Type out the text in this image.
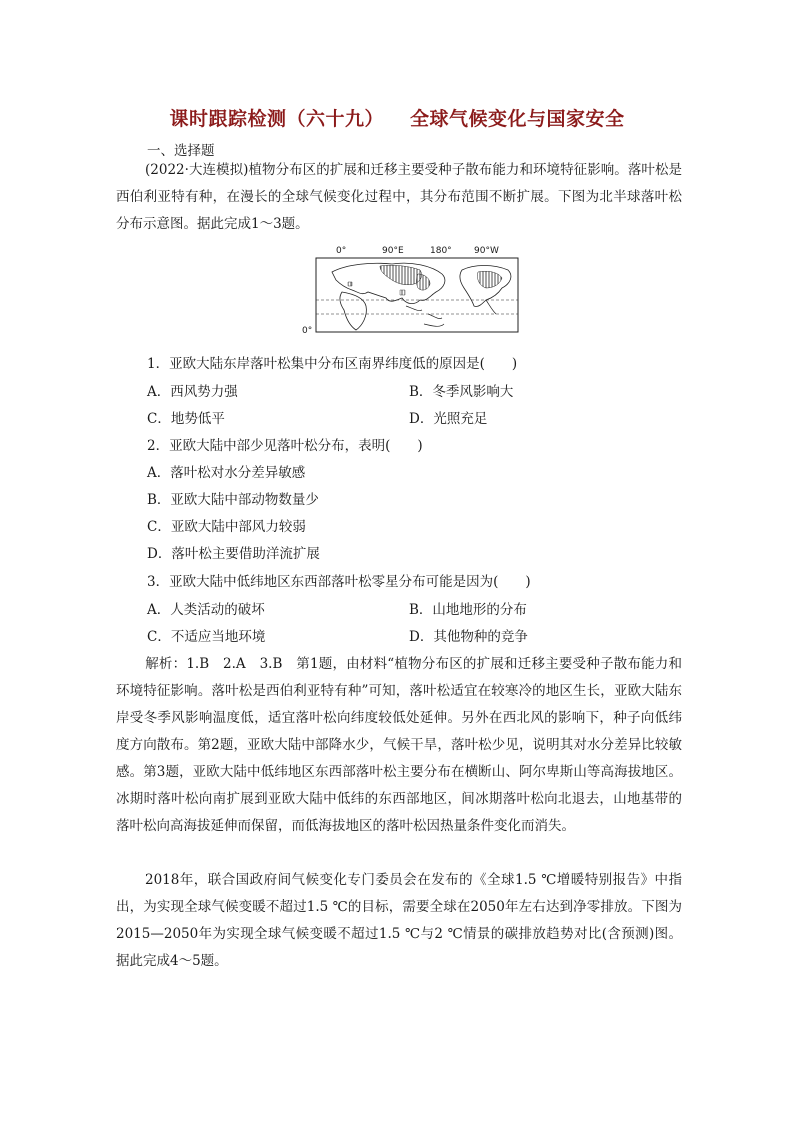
课时跟踪检测（六十九） 全球气候变化与国家安全
一、选择题
(2022·大连模拟)植物分布区的扩展和迁移主要受种子散布能力和环境特征影响。落叶松是西伯利亚特有种，在漫长的全球气候变化过程中，其分布范围不断扩展。下图为北半球落叶松分布示意图。据此完成1～3题。
0°	90°E	180° 90°W
0°
1．亚欧大陆东岸落叶松集中分布区南界纬度低的原因是(　　)
A．西风势力强	B．冬季风影响大
C．地势低平	D．光照充足
2．亚欧大陆中部少见落叶松分布，表明(　　)
A．落叶松对水分差异敏感
B．亚欧大陆中部动物数量少
C．亚欧大陆中部风力较弱
D．落叶松主要借助洋流扩展
3．亚欧大陆中低纬地区东西部落叶松零星分布可能是因为(　　)
A．人类活动的破坏	B．山地地形的分布
C．不适应当地环境	D．其他物种的竞争
解析：1.B　2.A　3.B　第1题，由材料“植物分布区的扩展和迁移主要受种子散布能力和环境特征影响。落叶松是西伯利亚特有种”可知，落叶松适宜在较寒冷的地区生长，亚欧大陆东岸受冬季风影响温度低，适宜落叶松向纬度较低处延伸。另外在西北风的影响下，种子向低纬度方向散布。第2题，亚欧大陆中部降水少，气候干旱，落叶松少见，说明其对水分差异比较敏感。第3题，亚欧大陆中低纬地区东西部落叶松主要分布在横断山、阿尔卑斯山等高海拔地区。冰期时落叶松向南扩展到亚欧大陆中低纬的东西部地区，间冰期落叶松向北退去，山地基带的落叶松向高海拔延伸而保留，而低海拔地区的落叶松因热量条件变化而消失。
2018年，联合国政府间气候变化专门委员会在发布的《全球1.5 ℃增暖特别报告》中指出，为实现全球气候变暖不超过1.5 ℃的目标，需要全球在2050年左右达到净零排放。下图为2015—2050年为实现全球气候变暖不超过1.5 ℃与2 ℃情景的碳排放趋势对比(含预测)图。据此完成4～5题。
